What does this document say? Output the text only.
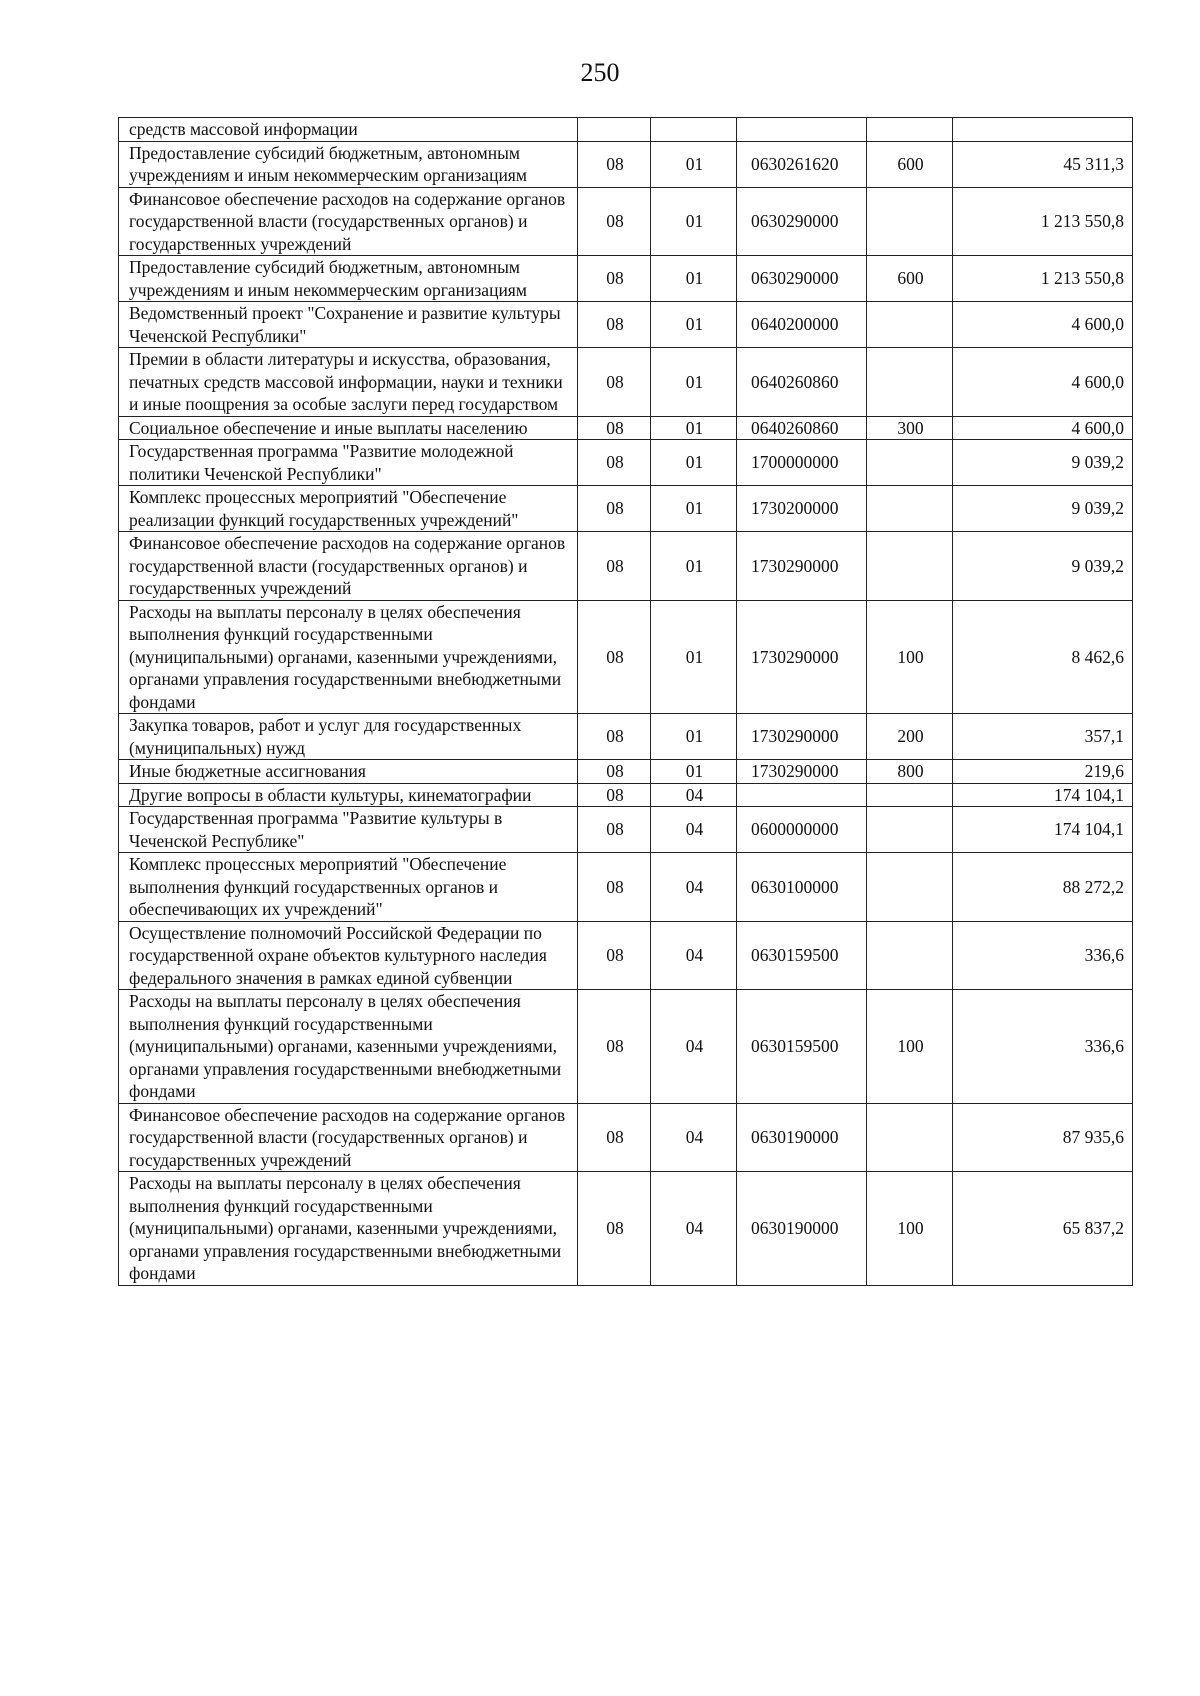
250
средств массовой информации					
Предоставление субсидий бюджетным, автономным учреждениям и иным некоммерческим организациям	08	01	0630261620	600	45 311,3
Финансовое обеспечение расходов на содержание органов государственной власти (государственных органов) и государственных учреждений	08	01	0630290000		1 213 550,8
Предоставление субсидий бюджетным, автономным учреждениям и иным некоммерческим организациям	08	01	0630290000	600	1 213 550,8
Ведомственный проект "Сохранение и развитие культуры Чеченской Республики"	08	01	0640200000		4 600,0
Премии в области литературы и искусства, образования, печатных средств массовой информации, науки и техники и иные поощрения за особые заслуги перед государством	08	01	0640260860		4 600,0
Социальное обеспечение и иные выплаты населению	08	01	0640260860	300	4 600,0
Государственная программа "Развитие молодежной политики Чеченской Республики"	08	01	1700000000		9 039,2
Комплекс процессных мероприятий "Обеспечение реализации функций государственных учреждений"	08	01	1730200000		9 039,2
Финансовое обеспечение расходов на содержание органов государственной власти (государственных органов) и государственных учреждений	08	01	1730290000		9 039,2
Расходы на выплаты персоналу в целях обеспечения выполнения функций государственными (муниципальными) органами, казенными учреждениями, органами управления государственными внебюджетными фондами	08	01	1730290000	100	8 462,6
Закупка товаров, работ и услуг для государственных (муниципальных) нужд	08	01	1730290000	200	357,1
Иные бюджетные ассигнования	08	01	1730290000	800	219,6
Другие вопросы в области культуры, кинематографии	08	04			174 104,1
Государственная программа "Развитие культуры в Чеченской Республике"	08	04	0600000000		174 104,1
Комплекс процессных мероприятий "Обеспечение выполнения функций государственных органов и обеспечивающих их учреждений"	08	04	0630100000		88 272,2
Осуществление полномочий Российской Федерации по государственной охране объектов культурного наследия федерального значения в рамках единой субвенции	08	04	0630159500		336,6
Расходы на выплаты персоналу в целях обеспечения выполнения функций государственными (муниципальными) органами, казенными учреждениями, органами управления государственными внебюджетными фондами	08	04	0630159500	100	336,6
Финансовое обеспечение расходов на содержание органов государственной власти (государственных органов) и государственных учреждений	08	04	0630190000		87 935,6
Расходы на выплаты персоналу в целях обеспечения выполнения функций государственными (муниципальными) органами, казенными учреждениями, органами управления государственными внебюджетными фондами	08	04	0630190000	100	65 837,2
